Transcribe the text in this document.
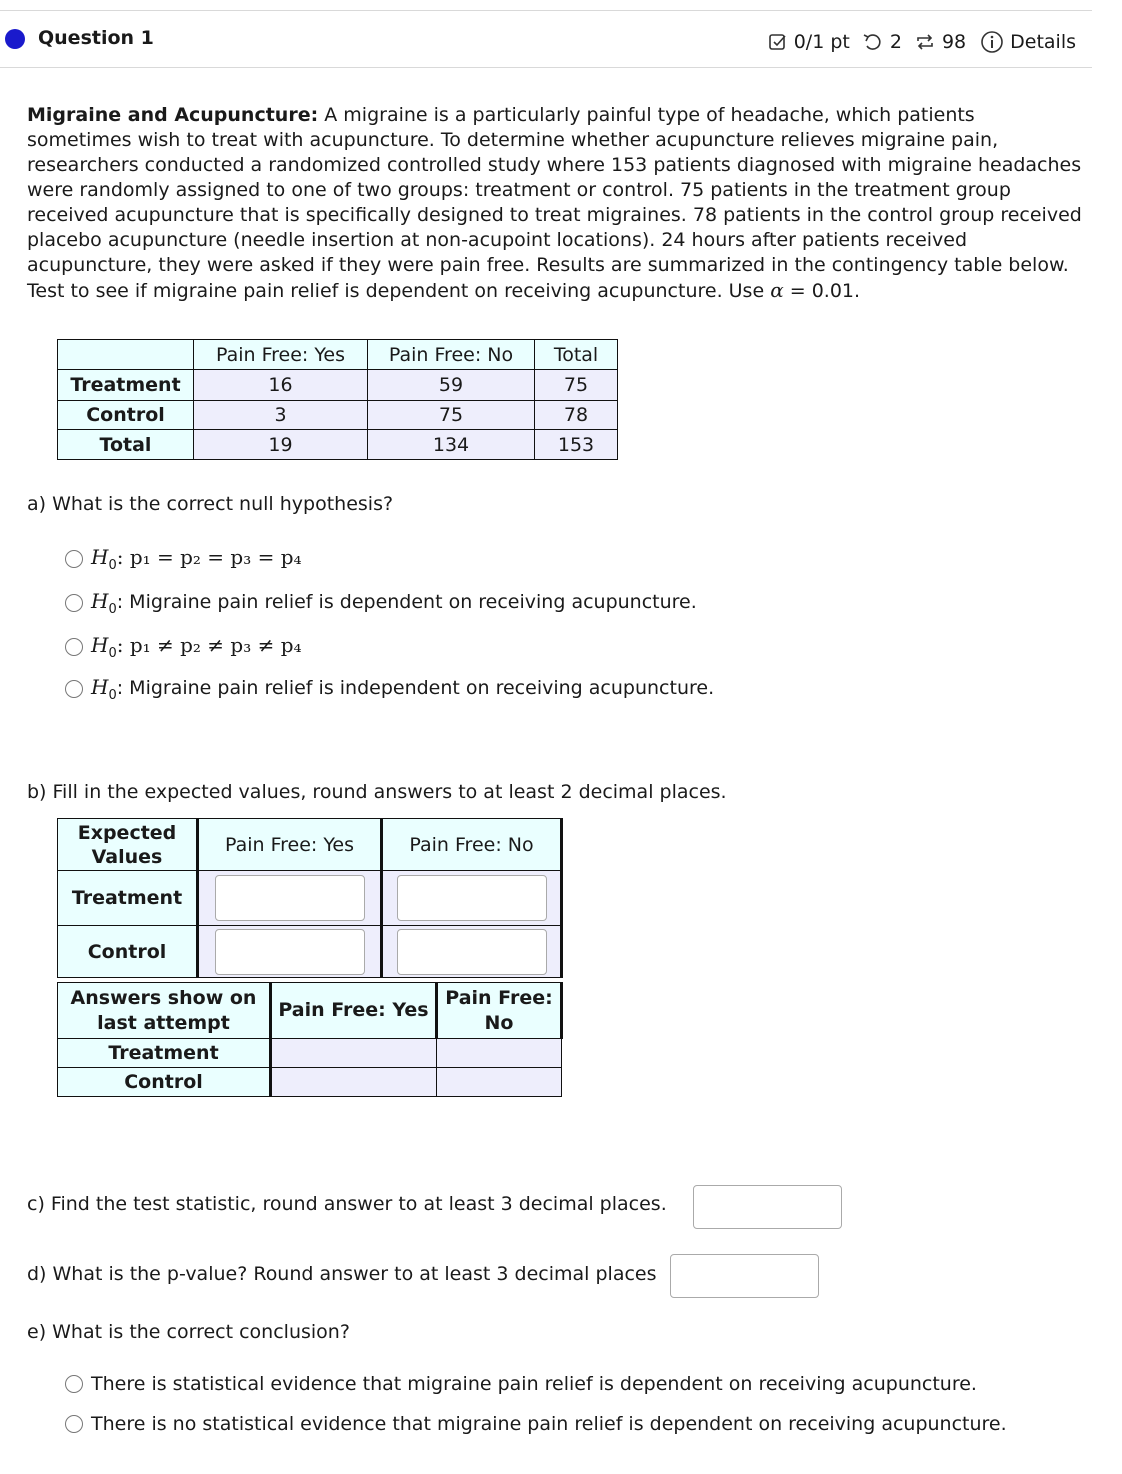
Question 1	0/1 pt 2 98 Details
Migraine and Acupuncture: A migraine is a particularly painful type of headache, which patients sometimes wish to treat with acupuncture. To determine whether acupuncture relieves migraine pain, researchers conducted a randomized controlled study where 153 patients diagnosed with migraine headaches were randomly assigned to one of two groups: treatment or control. 75 patients in the treatment group received acupuncture that is specifically designed to treat migraines. 78 patients in the control group received placebo acupuncture (needle insertion at non-acupoint locations). 24 hours after patients received acupuncture, they were asked if they were pain free. Results are summarized in the contingency table below. Test to see if migraine pain relief is dependent on receiving acupuncture. Use α = 0.01.
	Pain Free: Yes	Pain Free: No	Total
Treatment	16	59	75
Control	3	75	78
Total	19	134	153
a) What is the correct null hypothesis?
$H_0$: p₁ = p₂ = p₃ = p₄
$H_0$: Migraine pain relief is dependent on receiving acupuncture.
$H_0$: p₁ ≠ p₂ ≠ p₃ ≠ p₄
$H_0$: Migraine pain relief is independent on receiving acupuncture.
b) Fill in the expected values, round answers to at least 2 decimal places.
Expected Values	Pain Free: Yes	Pain Free: No
Treatment	

Control	

Answers show on last attempt	Pain Free: Yes	Pain Free: No
Treatment		
Control		
c) Find the test statistic, round answer to at least 3 decimal places.
d) What is the p-value? Round answer to at least 3 decimal places
e) What is the correct conclusion?
There is statistical evidence that migraine pain relief is dependent on receiving acupuncture.
There is no statistical evidence that migraine pain relief is dependent on receiving acupuncture.
